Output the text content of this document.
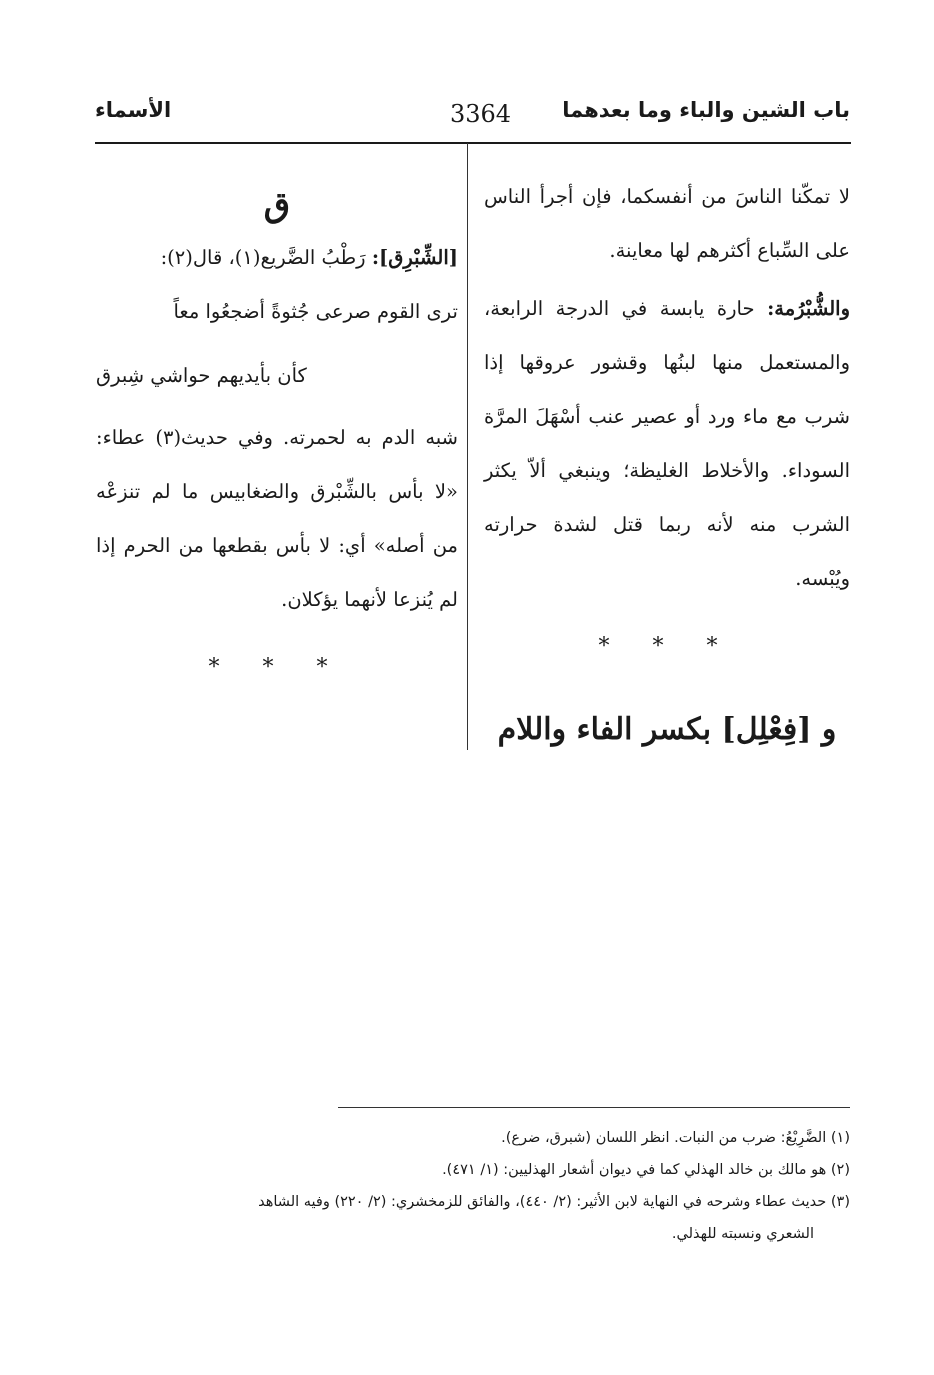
باب الشين والباء وما بعدهما
3364
الأسماء

لا تمكّنا الناسَ من أنفسكما، فإن أجرأ الناس على السِّباع أكثرهم لها معاينة.

والشُّبْرُمة: حارة يابسة في الدرجة الرابعة، والمستعمل منها لبنُها وقشور عروقها إذا شرب مع ماء ورد أو عصير عنب أسْهَلَ المرَّة السوداء. والأخلاط الغليظة؛ وينبغي ألاّ يكثر الشرب منه لأنه ربما قتل لشدة حرارته ويُبْسه.

* * *
و [فِعْلِل] بكسر الفاء واللام
ق

[الشِّبْرِق]: رَطْبُ الضَّريع(١)، قال(٢):

ترى القوم صرعى جُثوةً أضجعُوا معاً

كأن بأيديهم حواشي شِبرق

شبه الدم به لحمرته. وفي حديث(٣) عطاء: «لا بأس بالشِّبْرق والضغابيس ما لم تنزعْه من أصله» أي: لا بأس بقطعها من الحرم إذا لم يُنزعا لأنهما يؤكلان.

* * *

(١) الضَّرِيْعُ: ضرب من النبات. انظر اللسان (شبرق، ضرع).

(٢) هو مالك بن خالد الهذلي كما في ديوان أشعار الهذليين: (١/ ٤٧١).

(٣) حديث عطاء وشرحه في النهاية لابن الأثير: (٢/ ٤٤٠)، والفائق للزمخشري: (٢/ ٢٢٠) وفيه الشاهد

الشعري ونسبته للهذلي.
